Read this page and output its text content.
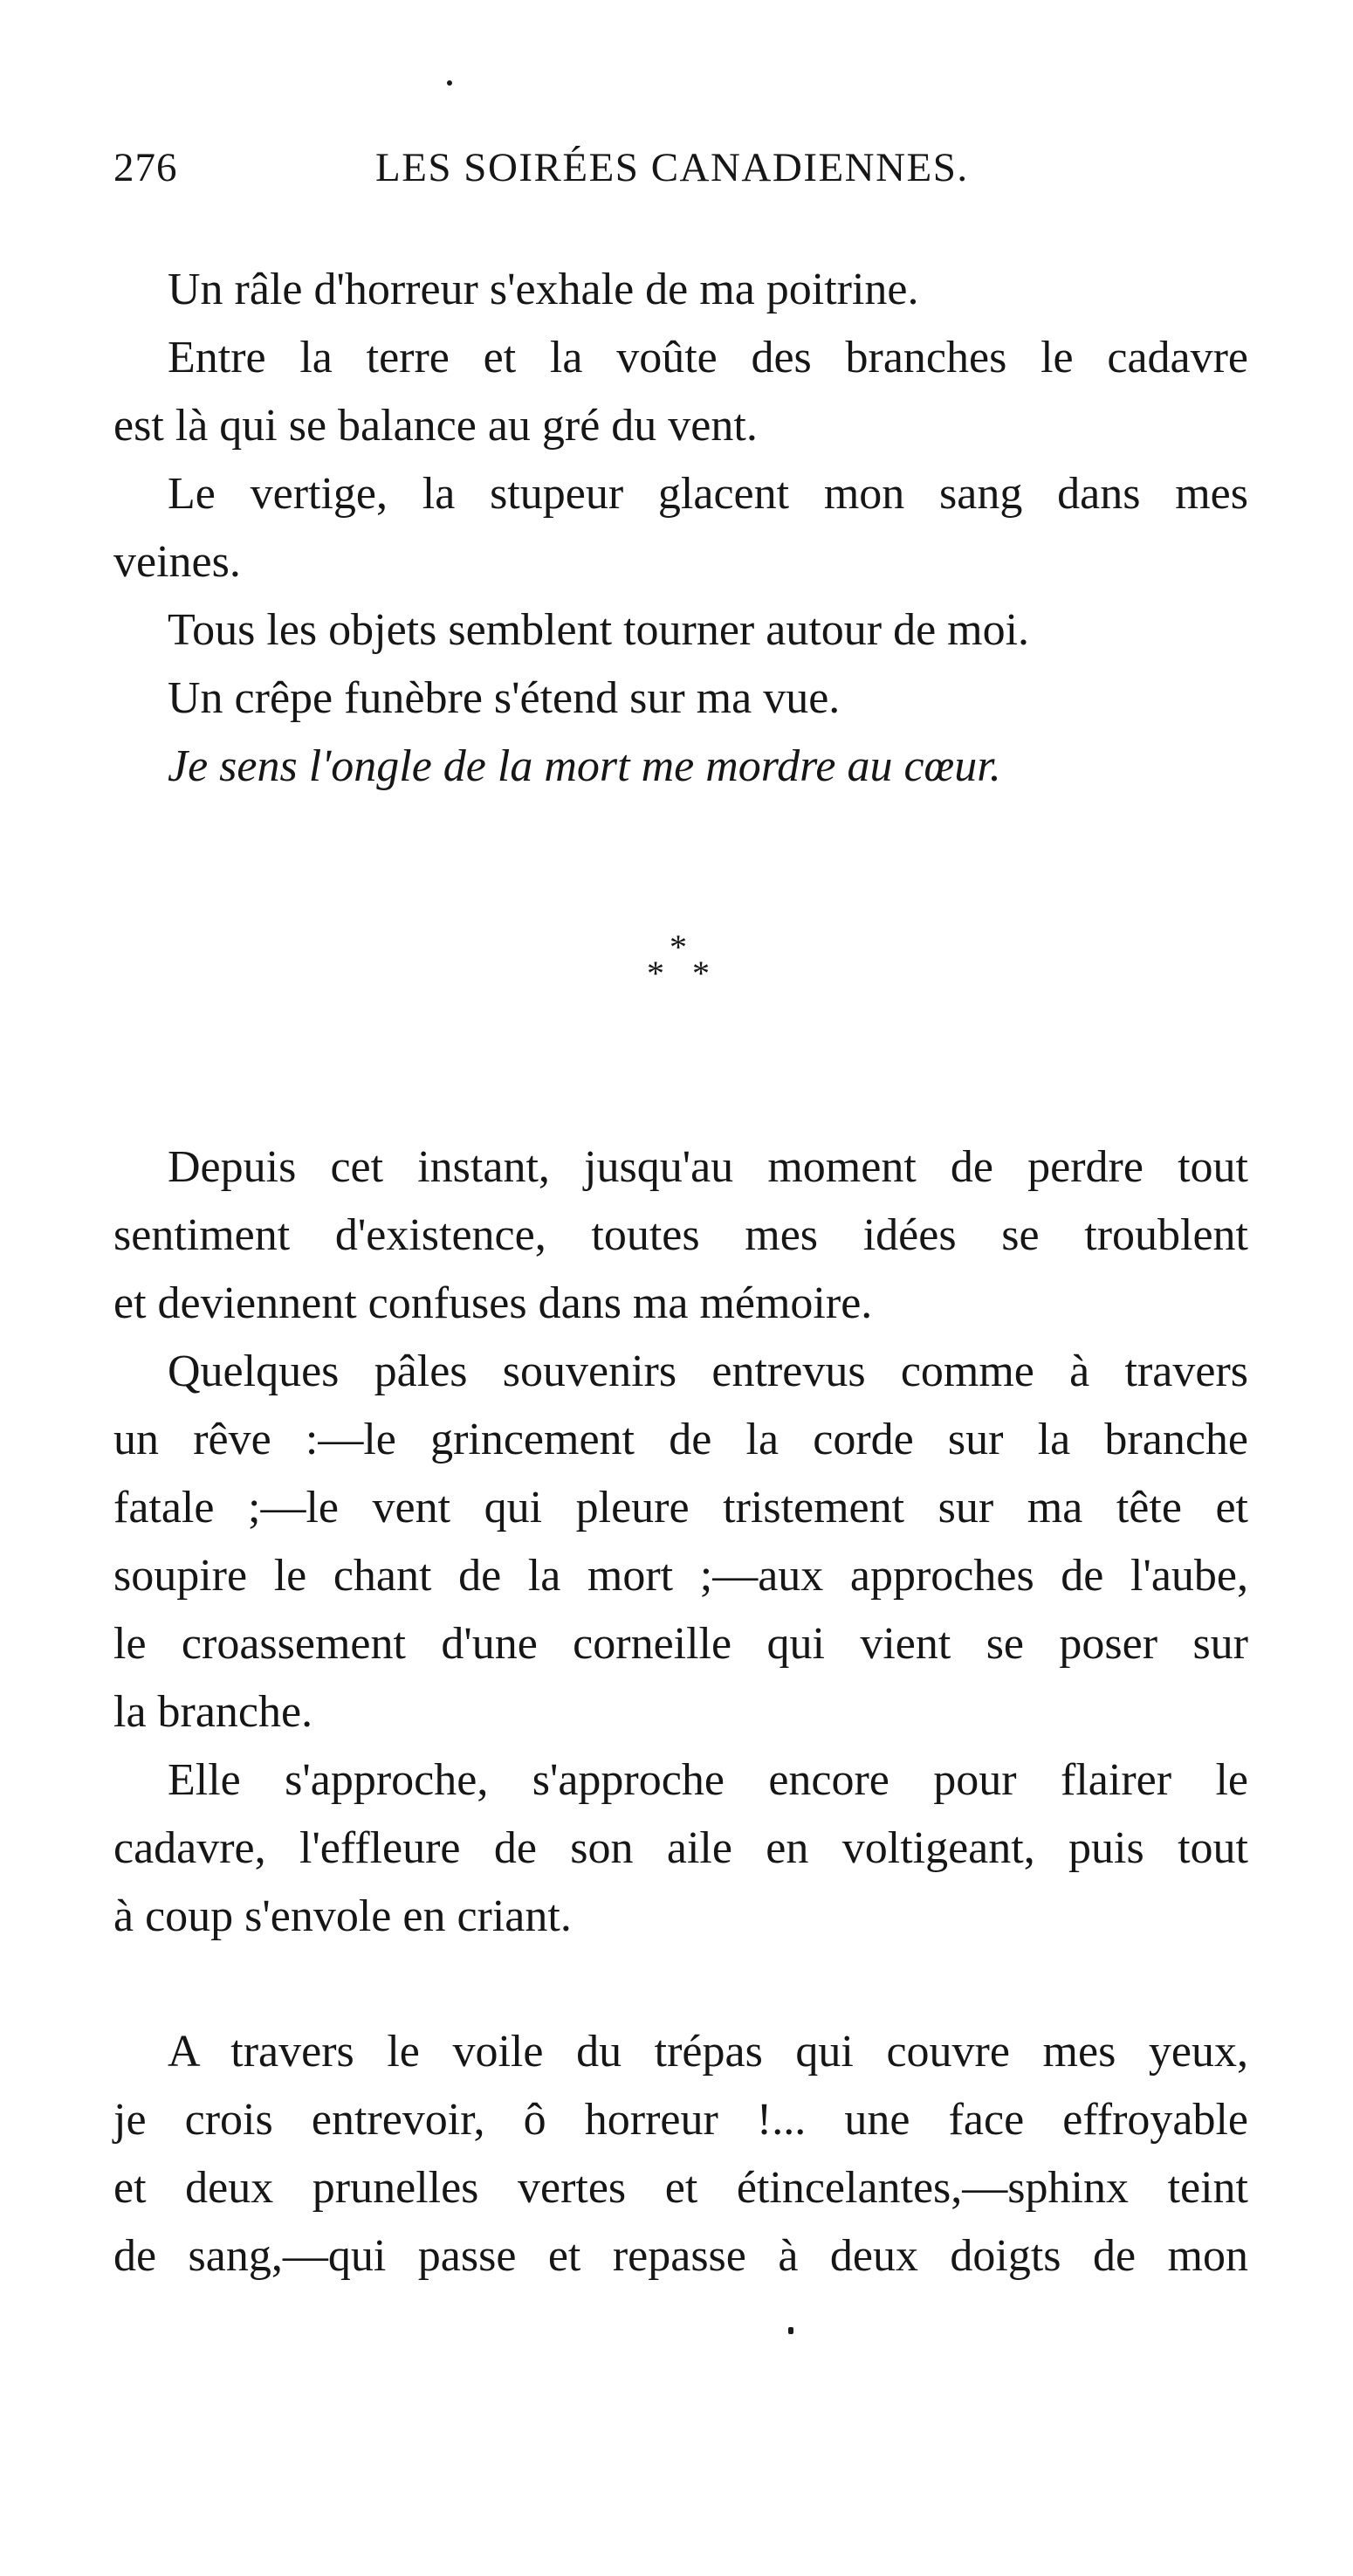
276	LES SOIRÉES CANADIENNES.
Un râle d'horreur s'exhale de ma poitrine.
Entre la terre et la voûte des branches le cadavre
est là qui se balance au gré du vent.
Le vertige, la stupeur glacent mon sang dans mes
veines.
Tous les objets semblent tourner autour de moi.
Un crêpe funèbre s'étend sur ma vue.
Je sens l'ongle de la mort me mordre au cœur.
*
* *
Depuis cet instant, jusqu'au moment de perdre tout
sentiment d'existence, toutes mes idées se troublent
et deviennent confuses dans ma mémoire.
Quelques pâles souvenirs entrevus comme à travers
un rêve :—le grincement de la corde sur la branche
fatale ;—le vent qui pleure tristement sur ma tête et
soupire le chant de la mort ;—aux approches de l'aube,
le croassement d'une corneille qui vient se poser sur
la branche.
Elle s'approche, s'approche encore pour flairer le
cadavre, l'effleure de son aile en voltigeant, puis tout
à coup s'envole en criant.
A travers le voile du trépas qui couvre mes yeux,
je crois entrevoir, ô horreur !... une face effroyable
et deux prunelles vertes et étincelantes,—sphinx teint
de sang,—qui passe et repasse à deux doigts de mon
